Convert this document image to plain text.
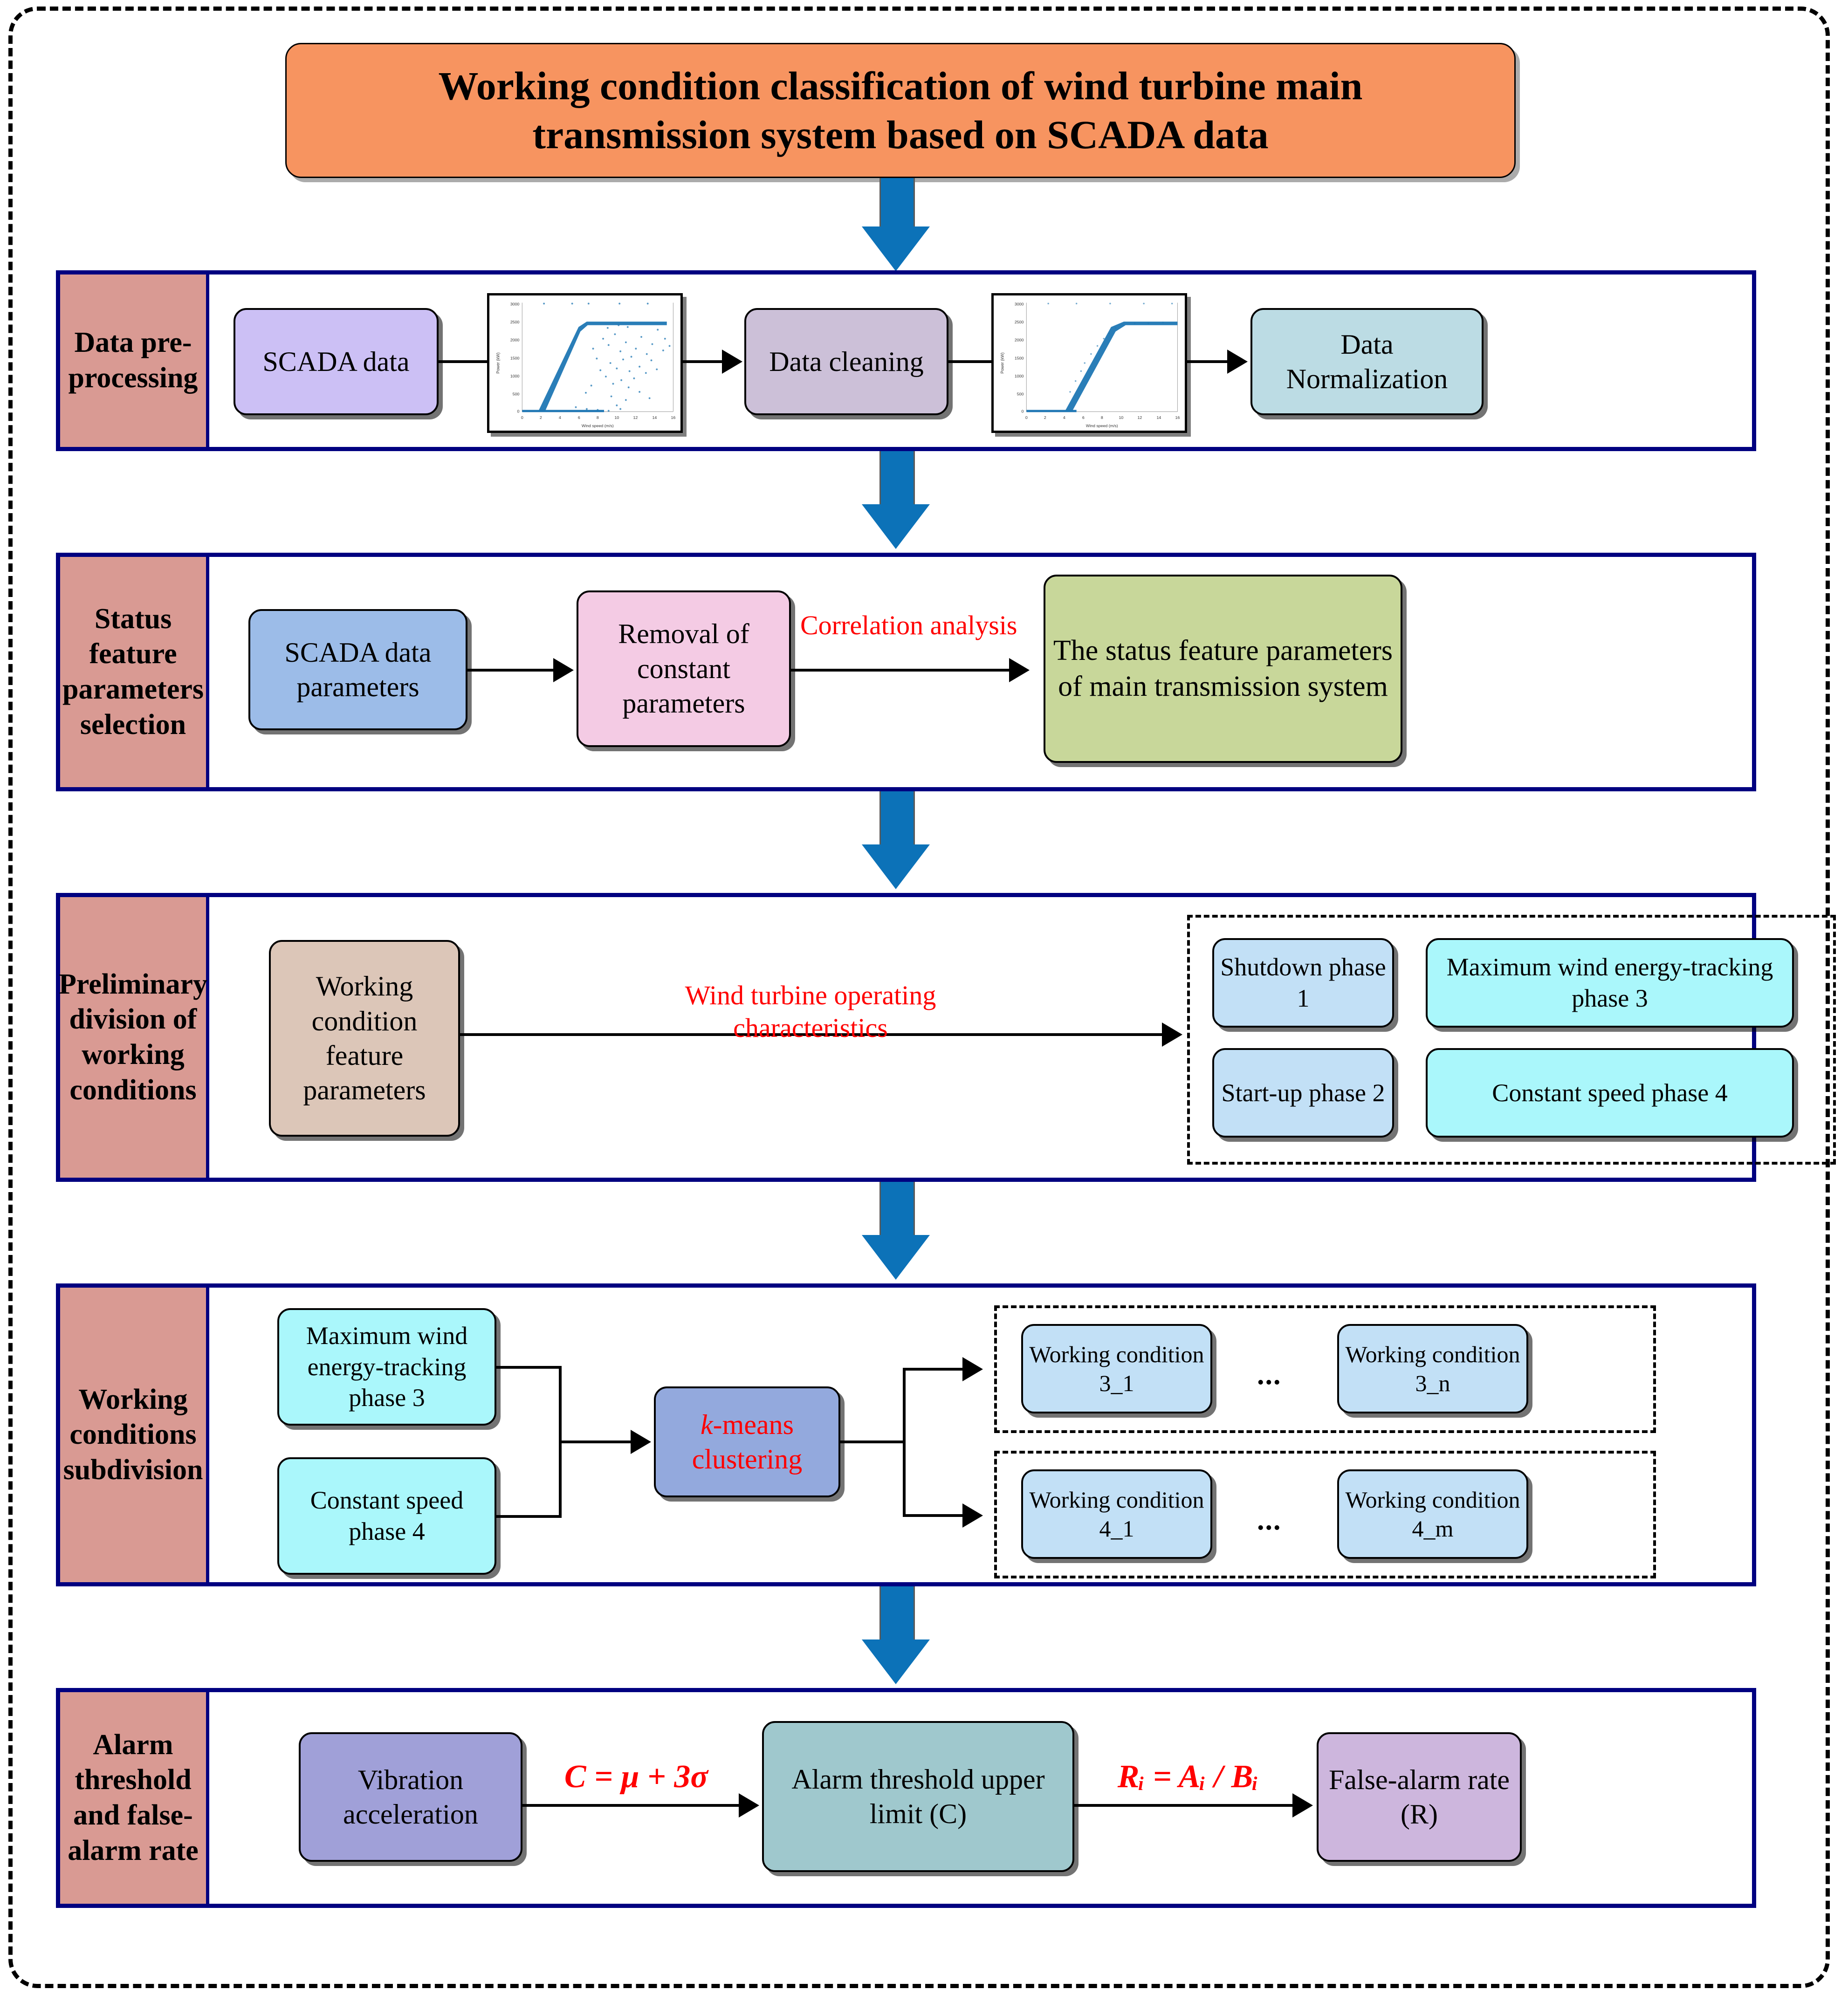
Working condition classification of wind turbine main
transmission system based on SCADA data
Data pre-processing
SCADA data
3000
2500
2000
1500
1000
500
0
0	2	4	6	8	10	12	14	16
Wind speed (m/s)
Power (kW)	Data cleaning
3000
2500
2000
1500
1000
500
0
0	2	4	6	8	10	12	14	16
Wind speed (m/s)
Power (kW)
Data Normalization
Status feature parameters selection
SCADA data parameters
Removal of constant parameters
Correlation analysis
The status feature parameters of main transmission system
Preliminary division of working conditions
Working condition feature parameters
Wind turbine operating
characteristics
Shutdown phase 1
Start-up phase 2
Maximum wind energy-tracking phase 3
Constant speed phase 4
Working conditions subdivision
Maximum wind energy-tracking phase 3
Constant speed phase 4
k-means
clustering
Working condition 3_1	...
Working condition 3_n
Working condition 4_1	...
Working condition 4_m
Alarm threshold and false-alarm rate
Vibration acceleration
C = μ + 3σ	Alarm threshold upper limit (C)
Rᵢ = Aᵢ / Bᵢ	False-alarm rate (R)
